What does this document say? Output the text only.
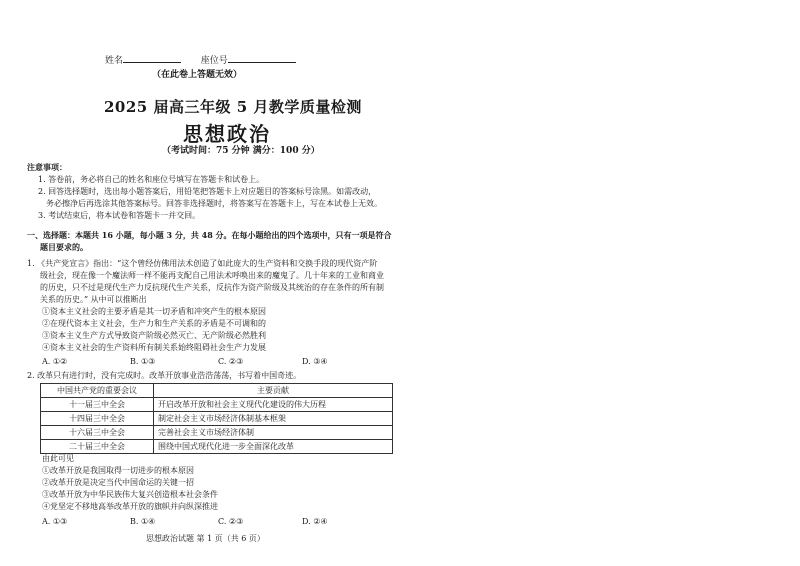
姓名	座位号
（在此卷上答题无效）
2025 届高三年级 5 月教学质量检测
思想政治
（考试时间：75 分钟 满分：100 分）
注意事项：
1. 答卷前，务必将自己的姓名和座位号填写在答题卡和试卷上。
2. 回答选择题时，选出每小题答案后，用铅笔把答题卡上对应题目的答案标号涂黑。如需改动，
务必擦净后再选涂其他答案标号。回答非选择题时，将答案写在答题卡上，写在本试卷上无效。
3. 考试结束后，将本试卷和答题卡一并交回。
一、选择题：本题共 16 小题，每小题 3 分，共 48 分。在每小题给出的四个选项中，只有一项是符合
题目要求的。
1. 《共产党宣言》指出：“这个曾经仿佛用法术创造了如此庞大的生产资料和交换手段的现代资产阶
级社会，现在像一个魔法师一样不能再支配自己用法术呼唤出来的魔鬼了。几十年来的工业和商业
的历史，只不过是现代生产力反抗现代生产关系，反抗作为资产阶级及其统治的存在条件的所有制
关系的历史。” 从中可以推断出
①资本主义社会的主要矛盾是其一切矛盾和冲突产生的根本原因
②在现代资本主义社会，生产力和生产关系的矛盾是不可调和的
③资本主义生产方式导致资产阶级必然灭亡、无产阶级必然胜利
④资本主义社会的生产资料所有制关系始终阻碍社会生产力发展
A. ①②	B. ①③	C. ②③	D. ③④
2. 改革只有进行时，没有完成时。改革开放事业浩浩荡荡，书写着中国奇迹。
中国共产党的重要会议	主要贡献
十一届三中全会	开启改革开放和社会主义现代化建设的伟大历程
十四届三中全会	制定社会主义市场经济体制基本框架
十六届三中全会	完善社会主义市场经济体制
二十届三中全会	围绕中国式现代化进一步全面深化改革
由此可见
①改革开放是我国取得一切进步的根本原因
②改革开放是决定当代中国命运的关键一招
③改革开放为中华民族伟大复兴创造根本社会条件
④党坚定不移地高举改革开放的旗帜并向纵深推进
A. ①③	B. ①④	C. ②③	D. ②④
思想政治试题 第 1 页（共 6 页）
